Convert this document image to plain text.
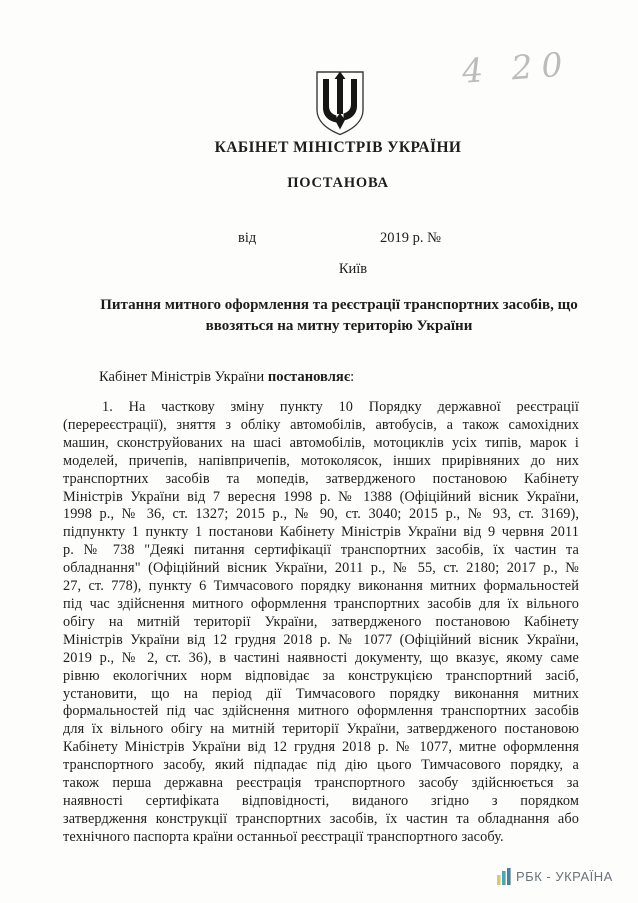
4 20
КАБІНЕТ МІНІСТРІВ УКРАЇНИ
ПОСТАНОВА
від	2019 р. №
Київ
Питання митного оформлення та реєстрації транспортних засобів, що
ввозяться на митну територію України
Кабінет Міністрів України постановляє:
1. На часткову зміну пункту 10 Порядку державної реєстрації
(перереєстрації), зняття з обліку автомобілів, автобусів, а також самохідних
машин, сконструйованих на шасі автомобілів, мотоциклів усіх типів, марок і
моделей, причепів, напівпричепів, мотоколясок, інших прирівняних до них
транспортних засобів та мопедів, затвердженого постановою Кабінету
Міністрів України від 7 вересня 1998 р. № 1388 (Офіційний вісник України,
1998 р., № 36, ст. 1327; 2015 р., № 90, ст. 3040; 2015 р., № 93, ст. 3169),
підпункту 1 пункту 1 постанови Кабінету Міністрів України від 9 червня 2011
р. № 738 "Деякі питання сертифікації транспортних засобів, їх частин та
обладнання" (Офіційний вісник України, 2011 р., № 55, ст. 2180; 2017 р., №
27, ст. 778), пункту 6 Тимчасового порядку виконання митних формальностей
під час здійснення митного оформлення транспортних засобів для їх вільного
обігу на митній території України, затвердженого постановою Кабінету
Міністрів України від 12 грудня 2018 р. № 1077 (Офіційний вісник України,
2019 р., № 2, ст. 36), в частині наявності документу, що вказує, якому саме
рівню екологічних норм відповідає за конструкцією транспортний засіб,
установити, що на період дії Тимчасового порядку виконання митних
формальностей під час здійснення митного оформлення транспортних засобів
для їх вільного обігу на митній території України, затвердженого постановою
Кабінету Міністрів України від 12 грудня 2018 р. № 1077, митне оформлення
транспортного засобу, який підпадає під дію цього Тимчасового порядку, а
також перша державна реєстрація транспортного засобу здійснюється за
наявності сертифіката відповідності, виданого згідно з порядком
затвердження конструкції транспортних засобів, їх частин та обладнання або
технічного паспорта країни останньої реєстрації транспортного засобу.
РБК - УКРАЇНА
